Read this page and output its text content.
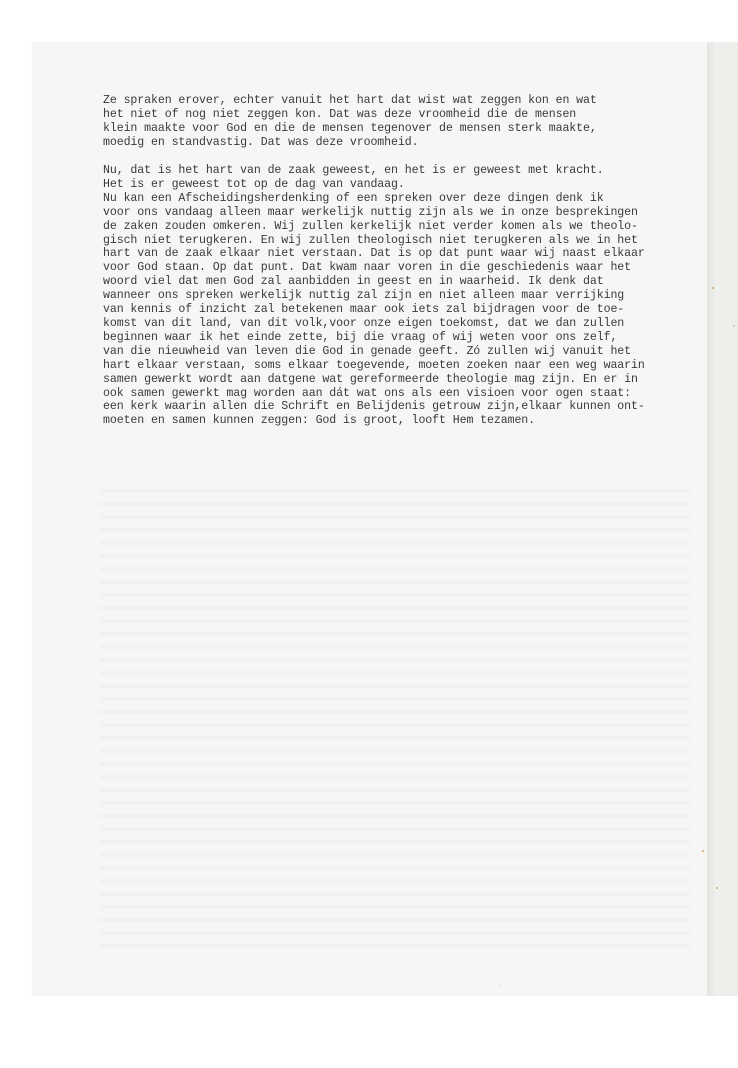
Ze spraken erover, echter vanuit het hart dat wist wat zeggen kon en wat
het niet of nog niet zeggen kon. Dat was deze vroomheid die de mensen
klein maakte voor God en die de mensen tegenover de mensen sterk maakte,
moedig en standvastig. Dat was deze vroomheid.

Nu, dat is het hart van de zaak geweest, en het is er geweest met kracht.
Het is er geweest tot op de dag van vandaag.
Nu kan een Afscheidingsherdenking of een spreken over deze dingen denk ik
voor ons vandaag alleen maar werkelijk nuttig zijn als we in onze besprekingen
de zaken zouden omkeren. Wij zullen kerkelijk niet verder komen als we theolo-
gisch niet terugkeren. En wij zullen theologisch niet terugkeren als we in het
hart van de zaak elkaar niet verstaan. Dat is op dat punt waar wij naast elkaar
voor God staan. Op dat punt. Dat kwam naar voren in die geschiedenis waar het
woord viel dat men God zal aanbidden in geest en in waarheid. Ik denk dat
wanneer ons spreken werkelijk nuttig zal zijn en niet alleen maar verrijking
van kennis of inzicht zal betekenen maar ook iets zal bijdragen voor de toe-
komst van dit land, van dit volk,voor onze eigen toekomst, dat we dan zullen
beginnen waar ik het einde zette, bij die vraag of wij weten voor ons zelf,
van die nieuwheid van leven die God in genade geeft. Zó zullen wij vanuit het
hart elkaar verstaan, soms elkaar toegevende, moeten zoeken naar een weg waarin
samen gewerkt wordt aan datgene wat gereformeerde theologie mag zijn. En er in
ook samen gewerkt mag worden aan dát wat ons als een visioen voor ogen staat:
een kerk waarin allen die Schrift en Belijdenis getrouw zijn,elkaar kunnen ont-
moeten en samen kunnen zeggen: God is groot, looft Hem tezamen.
